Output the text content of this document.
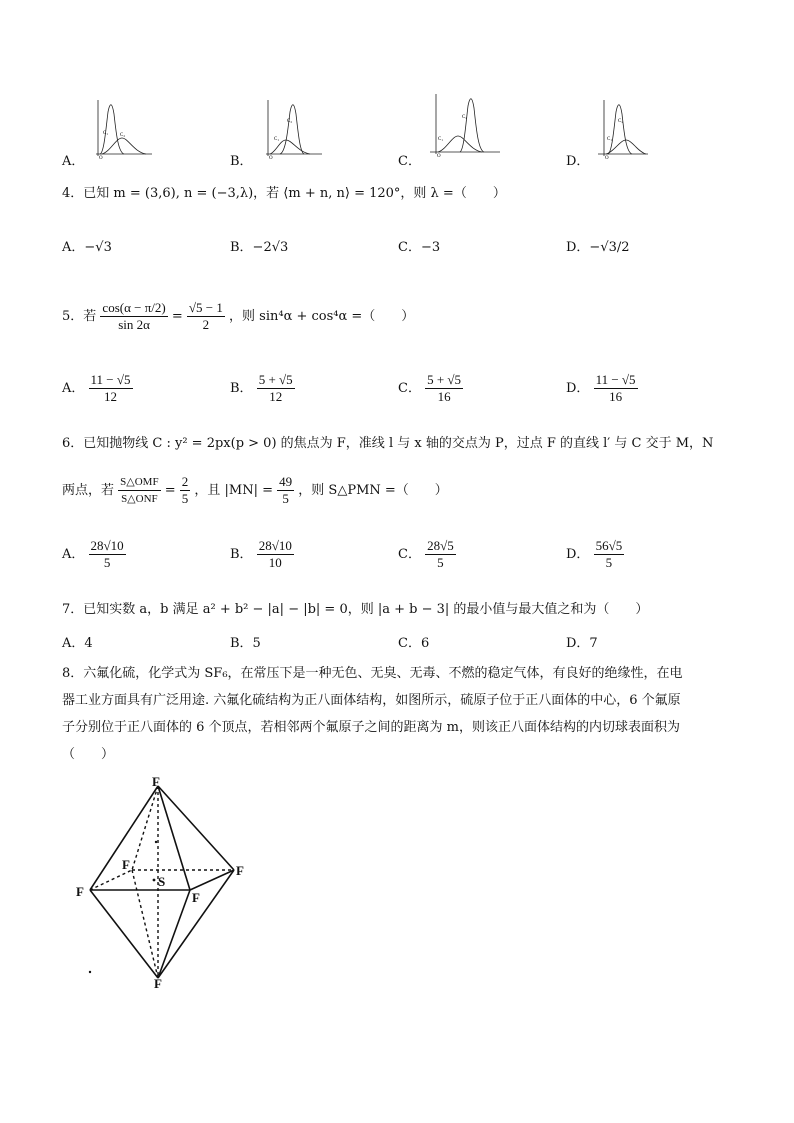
A．
C₁ C₂
O	B．
C₁
C₂
O	C．
C₁
C₂
O	D．
C₁
C₂
O
4．已知 m = (3,6), n = (−3,λ)，若 ⟨m + n, n⟩ = 120°，则 λ =（　　）
A．−√3	B．−2√3	C．−3	D．−√3/2
5．若 $\frac{\cos(\alpha - \pi/2)}{\sin 2\alpha} = \frac{√5 - 1}{2}$ ，则 sin⁴α + cos⁴α =（　　）
A． $\frac{11 - √5}{12}$	B． $\frac{5 + √5}{12}$	C． $\frac{5 + √5}{16}$	D． $\frac{11 - √5}{16}$
6．已知抛物线 C : y² = 2px(p > 0) 的焦点为 F，准线 l 与 x 轴的交点为 P，过点 F 的直线 l′ 与 C 交于 M，N
两点，若 $\frac{\text{S△OMF}}{\text{S△ONF}} = \frac{2}{5}$ ，且 $|MN| = \frac{49}{5}$ ，则 S△PMN =（　　）
A． $\frac{28√10}{5}$	B． $\frac{28√10}{10}$	C． $\frac{28√5}{5}$	D． $\frac{56√5}{5}$
7．已知实数 a，b 满足 a² + b² − |a| − |b| = 0，则 |a + b − 3| 的最小值与最大值之和为（　　）
A．4	B．5	C．6	D．7
8．六氟化硫，化学式为 SF₆，在常压下是一种无色、无臭、无毒、不燃的稳定气体，有良好的绝缘性，在电
器工业方面具有广泛用途. 六氟化硫结构为正八面体结构，如图所示，硫原子位于正八面体的中心，6 个氟原
子分别位于正八面体的 6 个顶点，若相邻两个氟原子之间的距离为 m，则该正八面体结构的内切球表面积为
（　　）
F
F
F
F
F
F
S
